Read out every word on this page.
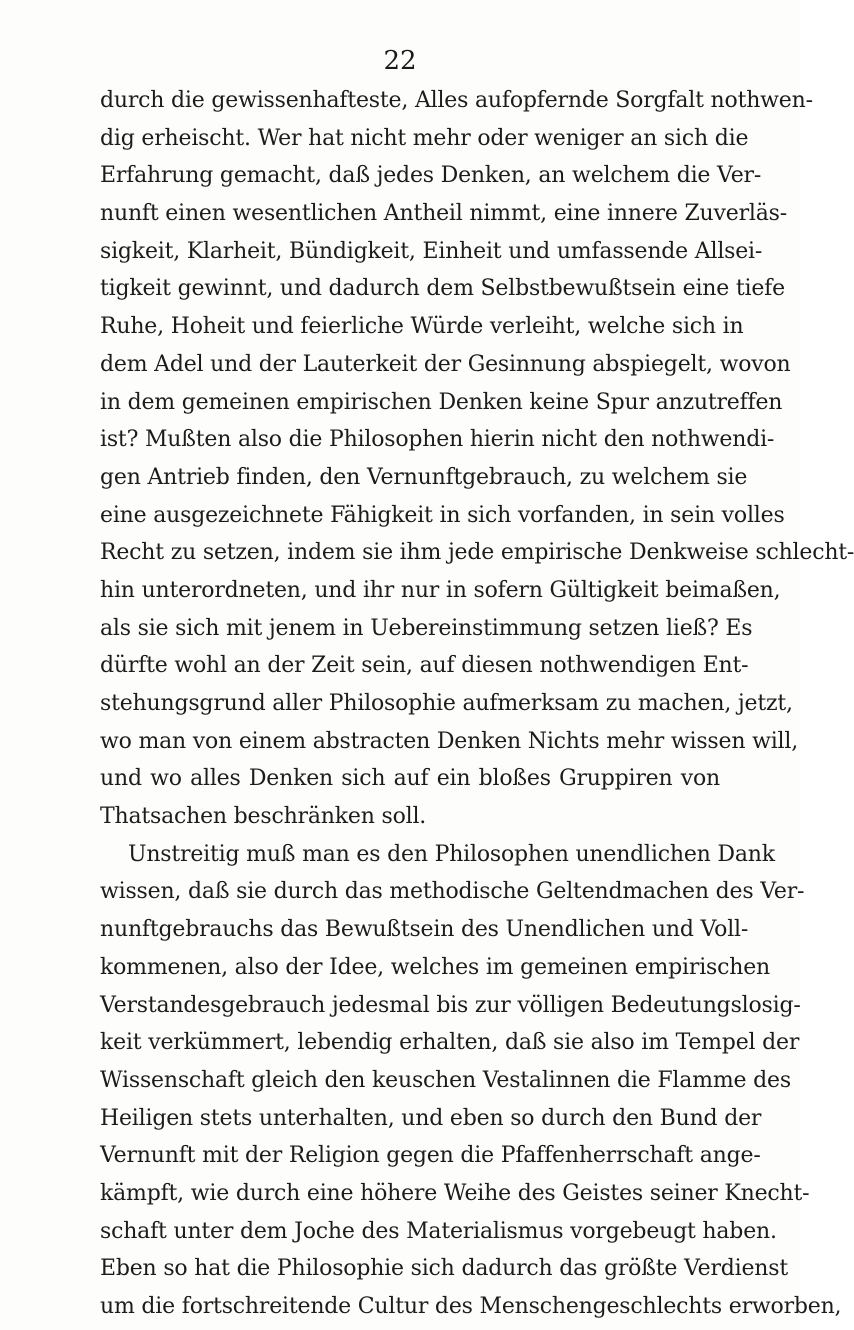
22
durch die gewissenhafteste, Alles aufopfernde Sorgfalt nothwen-
dig erheischt. Wer hat nicht mehr oder weniger an sich die
Erfahrung gemacht, daß jedes Denken, an welchem die Ver-
nunft einen wesentlichen Antheil nimmt, eine innere Zuverläs-
sigkeit, Klarheit, Bündigkeit, Einheit und umfassende Allsei-
tigkeit gewinnt, und dadurch dem Selbstbewußtsein eine tiefe
Ruhe, Hoheit und feierliche Würde verleiht, welche sich in
dem Adel und der Lauterkeit der Gesinnung abspiegelt, wovon
in dem gemeinen empirischen Denken keine Spur anzutreffen
ist? Mußten also die Philosophen hierin nicht den nothwendi-
gen Antrieb finden, den Vernunftgebrauch, zu welchem sie
eine ausgezeichnete Fähigkeit in sich vorfanden, in sein volles
Recht zu setzen, indem sie ihm jede empirische Denkweise schlecht-
hin unterordneten, und ihr nur in sofern Gültigkeit beimaßen,
als sie sich mit jenem in Uebereinstimmung setzen ließ? Es
dürfte wohl an der Zeit sein, auf diesen nothwendigen Ent-
stehungsgrund aller Philosophie aufmerksam zu machen, jetzt,
wo man von einem abstracten Denken Nichts mehr wissen will,
und wo alles Denken sich auf ein bloßes Gruppiren von
Thatsachen beschränken soll.
Unstreitig muß man es den Philosophen unendlichen Dank
wissen, daß sie durch das methodische Geltendmachen des Ver-
nunftgebrauchs das Bewußtsein des Unendlichen und Voll-
kommenen, also der Idee, welches im gemeinen empirischen
Verstandesgebrauch jedesmal bis zur völligen Bedeutungslosig-
keit verkümmert, lebendig erhalten, daß sie also im Tempel der
Wissenschaft gleich den keuschen Vestalinnen die Flamme des
Heiligen stets unterhalten, und eben so durch den Bund der
Vernunft mit der Religion gegen die Pfaffenherrschaft ange-
kämpft, wie durch eine höhere Weihe des Geistes seiner Knecht-
schaft unter dem Joche des Materialismus vorgebeugt haben.
Eben so hat die Philosophie sich dadurch das größte Verdienst
um die fortschreitende Cultur des Menschengeschlechts erworben,
